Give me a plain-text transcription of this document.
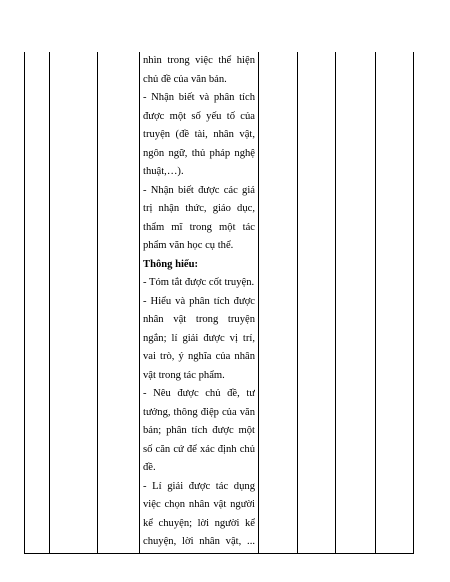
nhìn trong việc thể hiện
chủ đề của văn bản.
- Nhận biết và phân tích
được một số yếu tố của
truyện (đề tài, nhân vật,
ngôn ngữ, thủ pháp nghệ
thuật,…).
- Nhận biết được các giá
trị nhận thức, giáo dục,
thẩm mĩ trong một tác
phẩm văn học cụ thể.
Thông hiểu:
- Tóm tắt được cốt truyện.
- Hiểu và phân tích được
nhân vật trong truyện
ngắn; lí giải được vị trí,
vai trò, ý nghĩa của nhân
vật trong tác phẩm.
- Nêu được chủ đề, tư
tưởng, thông điệp của văn
bản; phân tích được một
số căn cứ để xác định chủ
đề.
- Lí giải được tác dụng
việc chọn nhân vật người
kể chuyện; lời người kể
chuyện, lời nhân vật, ...
